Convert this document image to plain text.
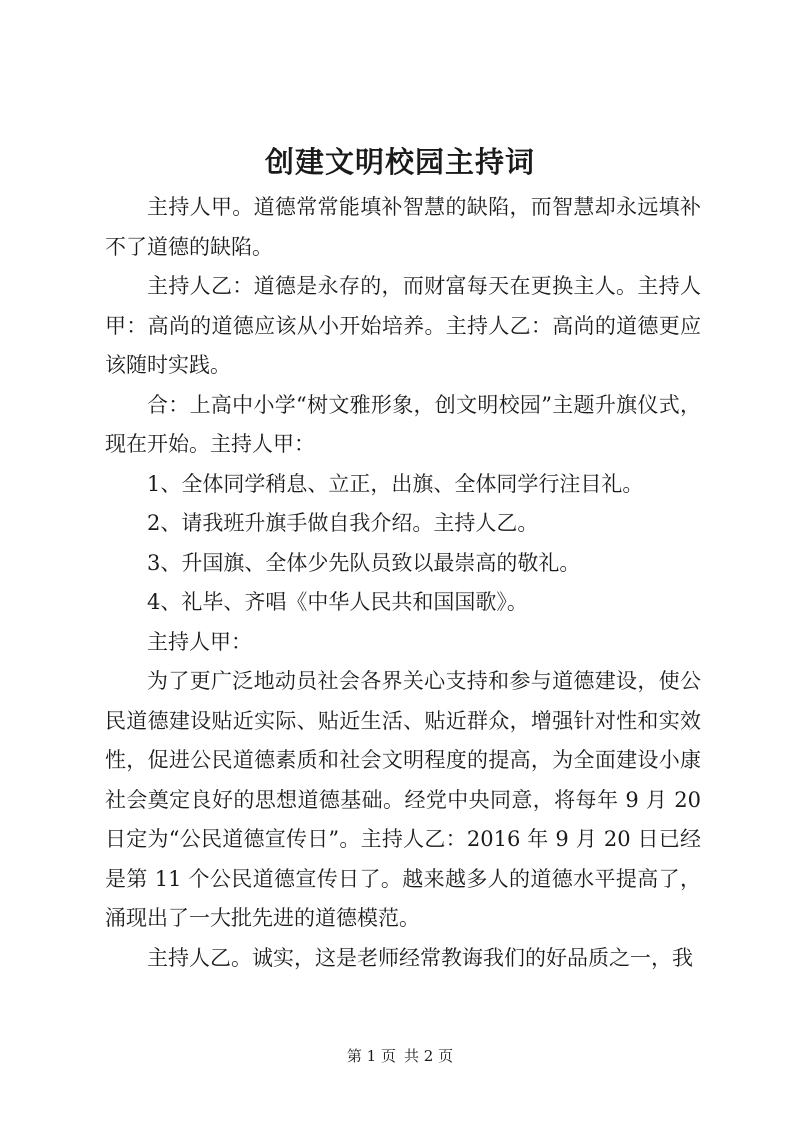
创建文明校园主持词

主持人甲。道德常常能填补智慧的缺陷，而智慧却永远填补不了道德的缺陷。

主持人乙：道德是永存的，而财富每天在更换主人。主持人甲：高尚的道德应该从小开始培养。主持人乙：高尚的道德更应该随时实践。

合：上高中小学“树文雅形象，创文明校园”主题升旗仪式，现在开始。主持人甲：

1、全体同学稍息、立正，出旗、全体同学行注目礼。

2、请我班升旗手做自我介绍。主持人乙。

3、升国旗、全体少先队员致以最崇高的敬礼。

4、礼毕、齐唱《中华人民共和国国歌》。

主持人甲：

为了更广泛地动员社会各界关心支持和参与道德建设，使公民道德建设贴近实际、贴近生活、贴近群众，增强针对性和实效性，促进公民道德素质和社会文明程度的提高，为全面建设小康社会奠定良好的思想道德基础。经党中央同意，将每年 9 月 20 日定为“公民道德宣传日”。主持人乙：2016 年 9 月 20 日已经是第 11 个公民道德宣传日了。越来越多人的道德水平提高了，涌现出了一大批先进的道德模范。

主持人乙。诚实，这是老师经常教诲我们的好品质之一，我

第 1 页 共 2 页
